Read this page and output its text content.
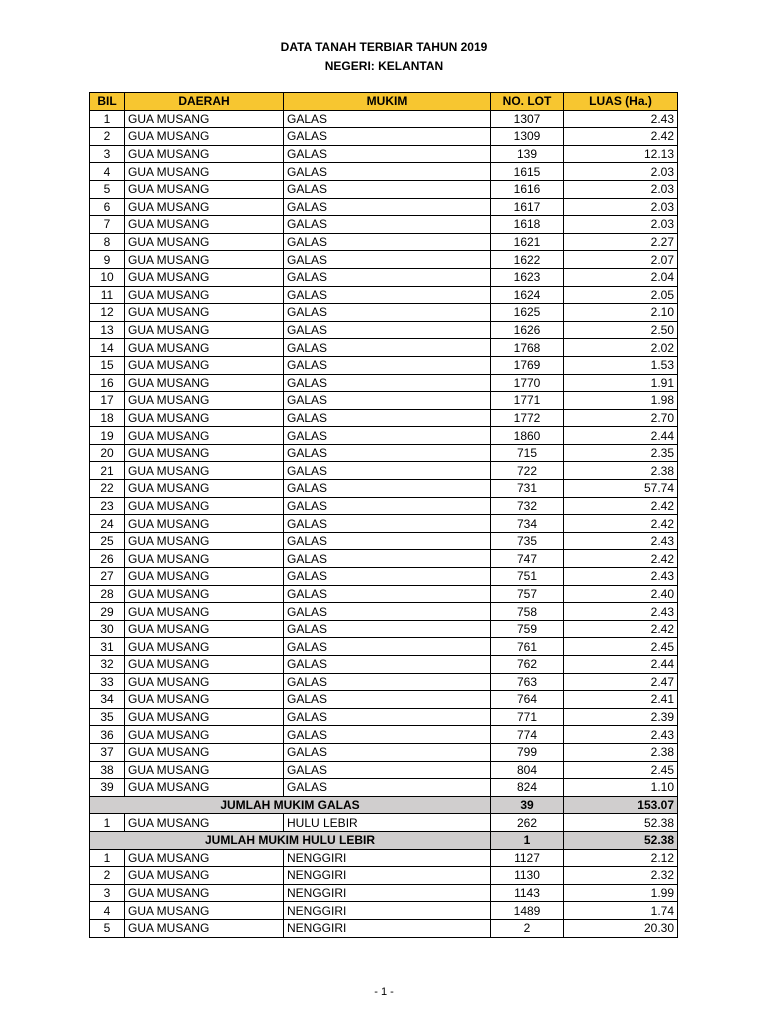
DATA TANAH TERBIAR TAHUN 2019
NEGERI: KELANTAN
BIL	DAERAH	MUKIM	NO. LOT	LUAS (Ha.)
1	GUA MUSANG	GALAS	1307	2.43
2	GUA MUSANG	GALAS	1309	2.42
3	GUA MUSANG	GALAS	139	12.13
4	GUA MUSANG	GALAS	1615	2.03
5	GUA MUSANG	GALAS	1616	2.03
6	GUA MUSANG	GALAS	1617	2.03
7	GUA MUSANG	GALAS	1618	2.03
8	GUA MUSANG	GALAS	1621	2.27
9	GUA MUSANG	GALAS	1622	2.07
10	GUA MUSANG	GALAS	1623	2.04
11	GUA MUSANG	GALAS	1624	2.05
12	GUA MUSANG	GALAS	1625	2.10
13	GUA MUSANG	GALAS	1626	2.50
14	GUA MUSANG	GALAS	1768	2.02
15	GUA MUSANG	GALAS	1769	1.53
16	GUA MUSANG	GALAS	1770	1.91
17	GUA MUSANG	GALAS	1771	1.98
18	GUA MUSANG	GALAS	1772	2.70
19	GUA MUSANG	GALAS	1860	2.44
20	GUA MUSANG	GALAS	715	2.35
21	GUA MUSANG	GALAS	722	2.38
22	GUA MUSANG	GALAS	731	57.74
23	GUA MUSANG	GALAS	732	2.42
24	GUA MUSANG	GALAS	734	2.42
25	GUA MUSANG	GALAS	735	2.43
26	GUA MUSANG	GALAS	747	2.42
27	GUA MUSANG	GALAS	751	2.43
28	GUA MUSANG	GALAS	757	2.40
29	GUA MUSANG	GALAS	758	2.43
30	GUA MUSANG	GALAS	759	2.42
31	GUA MUSANG	GALAS	761	2.45
32	GUA MUSANG	GALAS	762	2.44
33	GUA MUSANG	GALAS	763	2.47
34	GUA MUSANG	GALAS	764	2.41
35	GUA MUSANG	GALAS	771	2.39
36	GUA MUSANG	GALAS	774	2.43
37	GUA MUSANG	GALAS	799	2.38
38	GUA MUSANG	GALAS	804	2.45
39	GUA MUSANG	GALAS	824	1.10
JUMLAH MUKIM GALAS			39	153.07
1	GUA MUSANG	HULU LEBIR	262	52.38
JUMLAH MUKIM HULU LEBIR			1	52.38
1	GUA MUSANG	NENGGIRI	1127	2.12
2	GUA MUSANG	NENGGIRI	1130	2.32
3	GUA MUSANG	NENGGIRI	1143	1.99
4	GUA MUSANG	NENGGIRI	1489	1.74
5	GUA MUSANG	NENGGIRI	2	20.30
- 1 -
